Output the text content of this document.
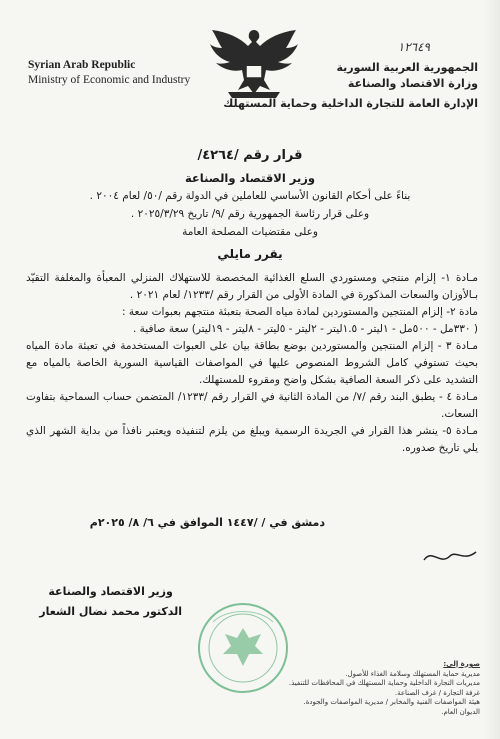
١٢٦٤٩
Syrian Arab Republic
Ministry of Economic and Industry
الجمهورية العربية السورية
وزارة الاقتصاد والصناعة
الإدارة العامة للتجارة الداخلية وحماية المستهلك
قرار رقم /٤٢٦٤/
وزير الاقتصاد والصناعة
بناءً على أحكام القانون الأساسي للعاملين في الدولة رقم /٥٠/ لعام ٢٠٠٤ .
وعلى قرار رئاسة الجمهورية رقم /٩/ تاريخ ٢٠٢٥/٣/٢٩ .
وعلى مقتضيات المصلحة العامة
يقرر مايلي

مـادة ١- إلزام منتجي ومستوردي السلع الغذائية المخصصة للاستهلاك المنزلي المعبأة والمغلفة التقيّد بـالأوزان والسعات المذكورة في المادة الأولى من القرار رقم /١٢٣٣/ لعام ٢٠٢١ .

مادة ٢- إلزام المنتجين والمستوردين لمادة مياه الصحة بتعبئة منتجهم بعبوات سعة :

( ٣٣٠مل - ٥٠٠مل - ١ليتر - ١.٥ليتر - ٢ليتر - ٥ليتر - ٨ليتر - ١٩ليتر) سعة صافية .

مـادة ٣ - إلزام المنتجين والمستوردين بوضع بطاقة بيان على العبوات المستخدمة في تعبئة مادة المياه بحيث تستوفي كامل الشروط المنصوص عليها في المواصفات القياسية السورية الخاصة بالمياه مع التشديد على ذكر السعة الصافية بشكل واضح ومقروء للمستهلك.

مـادة ٤ - يطبق البند رقم /٧/ من المادة الثانية في القرار رقم /١٢٣٣/ المتضمن حساب السماحية بتفاوت السعات.

مـادة ٥- ينشر هذا القرار في الجريدة الرسمية ويبلغ من يلزم لتنفيذه ويعتبر نافذاً من بداية الشهر الذي يلي تاريخ صدوره.

دمشق في / /١٤٤٧ الموافق في ٦/ ٨/ ٢٠٢٥م
وزير الاقتصاد والصناعة
الدكتور محمد نضال الشعار
صورة إلى:
مديرية حماية المستهلك وسلامة الغذاء للأصول.
مديريات التجارة الداخلية وحماية المستهلك في المحافظات للتنفيذ.
غرفة التجارة / غرف الصناعة.
هيئة المواصفات الفنية والمخابر / مديرية المواصفات والجودة.
الديوان العام.
